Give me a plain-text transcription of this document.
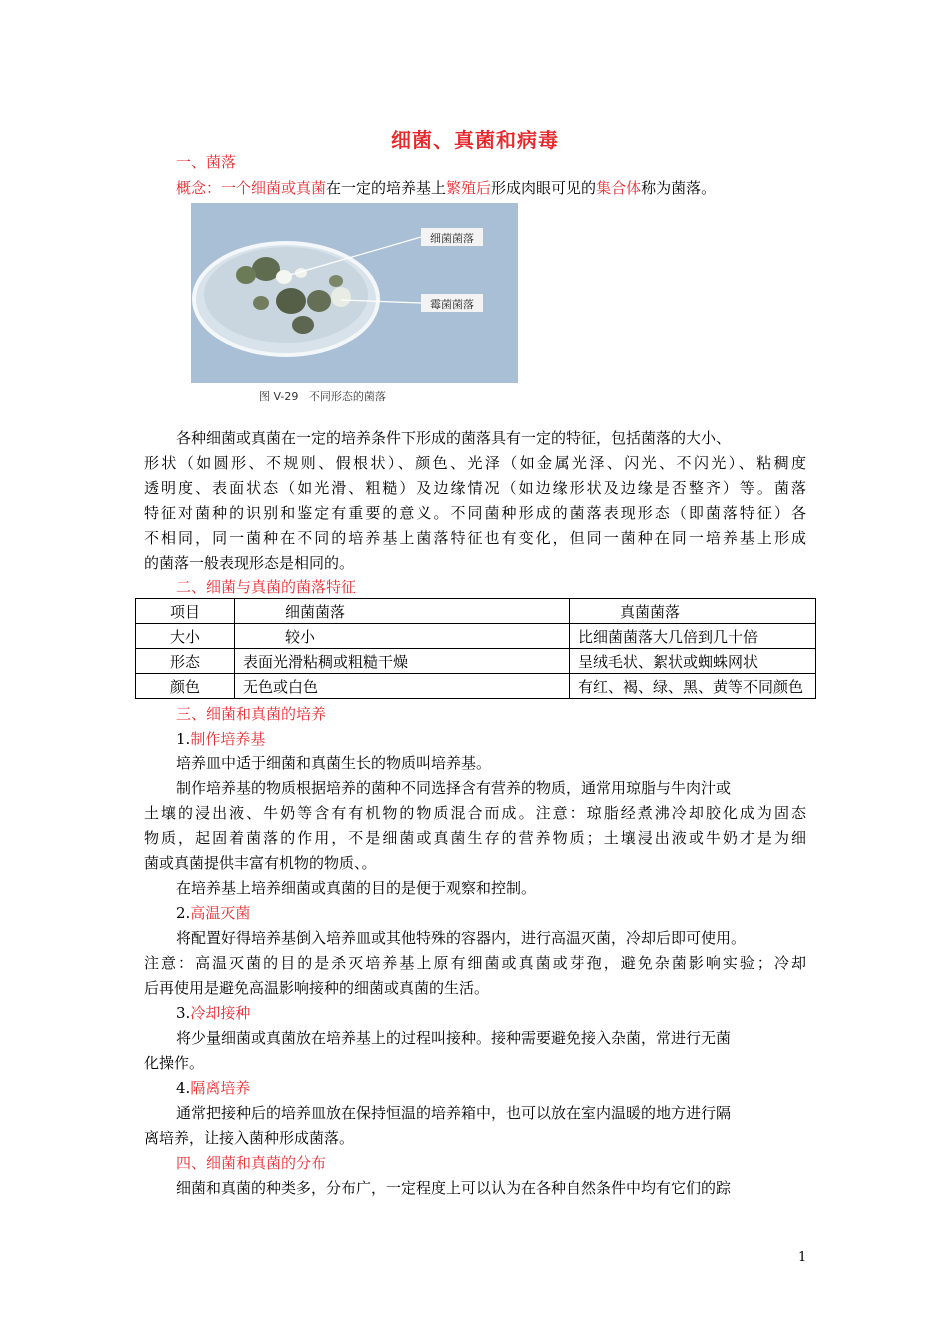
细菌、真菌和病毒
一、菌落
概念：一个细菌或真菌在一定的培养基上繁殖后形成肉眼可见的集合体称为菌落。
细菌菌落
霉菌菌落
图 V-29   不同形态的菌落
各种细菌或真菌在一定的培养条件下形成的菌落具有一定的特征，包括菌落的大小、
形状（如圆形、不规则、假根状）、颜色、光泽（如金属光泽、闪光、不闪光）、粘稠度
透明度、表面状态（如光滑、粗糙）及边缘情况（如边缘形状及边缘是否整齐）等。菌落
特征对菌种的识别和鉴定有重要的意义。不同菌种形成的菌落表现形态（即菌落特征）各
不相同，同一菌种在不同的培养基上菌落特征也有变化，但同一菌种在同一培养基上形成
的菌落一般表现形态是相同的。
二、细菌与真菌的菌落特征
项目	细菌菌落	真菌菌落
大小	较小	比细菌菌落大几倍到几十倍
形态	表面光滑粘稠或粗糙干燥	呈绒毛状、絮状或蜘蛛网状
颜色	无色或白色	有红、褐、绿、黑、黄等不同颜色
三、细菌和真菌的培养
1.制作培养基
培养皿中适于细菌和真菌生长的物质叫培养基。
制作培养基的物质根据培养的菌种不同选择含有营养的物质，通常用琼脂与牛肉汁或
土壤的浸出液、牛奶等含有有机物的物质混合而成。注意：琼脂经煮沸冷却胶化成为固态
物质，起固着菌落的作用，不是细菌或真菌生存的营养物质；土壤浸出液或牛奶才是为细
菌或真菌提供丰富有机物的物质、。
在培养基上培养细菌或真菌的目的是便于观察和控制。
2.高温灭菌
将配置好得培养基倒入培养皿或其他特殊的容器内，进行高温灭菌，冷却后即可使用。
注意：高温灭菌的目的是杀灭培养基上原有细菌或真菌或芽孢，避免杂菌影响实验；冷却
后再使用是避免高温影响接种的细菌或真菌的生活。
3.冷却接种
将少量细菌或真菌放在培养基上的过程叫接种。接种需要避免接入杂菌，常进行无菌
化操作。
4.隔离培养
通常把接种后的培养皿放在保持恒温的培养箱中，也可以放在室内温暖的地方进行隔
离培养，让接入菌种形成菌落。
四、细菌和真菌的分布
细菌和真菌的种类多，分布广，一定程度上可以认为在各种自然条件中均有它们的踪
1
